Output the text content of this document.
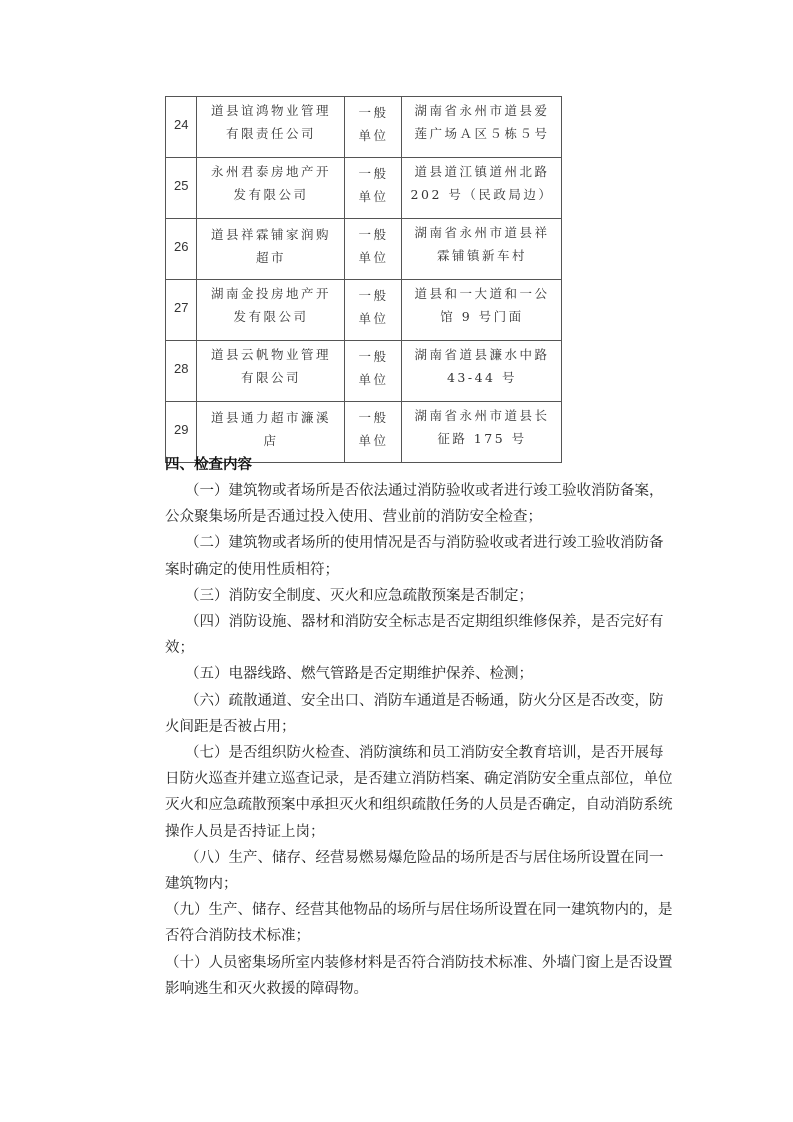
24	道县谊鸿物业管理有限责任公司	一般单位	湖南省永州市道县爱莲广场Ａ区５栋５号
25	永州君泰房地产开发有限公司	一般单位	道县道江镇道州北路 202 号（民政局边）
26	道县祥霖铺家润购超市	一般单位	湖南省永州市道县祥霖铺镇新车村
27	湖南金投房地产开发有限公司	一般单位	道县和一大道和一公馆 9 号门面
28	道县云帆物业管理有限公司	一般单位	湖南省道县濂水中路 43-44 号
29	道县通力超市濂溪店	一般单位	湖南省永州市道县长征路 175 号

四、检查内容

（一）建筑物或者场所是否依法通过消防验收或者进行竣工验收消防备案，公众聚集场所是否通过投入使用、营业前的消防安全检查；

（二）建筑物或者场所的使用情况是否与消防验收或者进行竣工验收消防备案时确定的使用性质相符；

（三）消防安全制度、灭火和应急疏散预案是否制定；

（四）消防设施、器材和消防安全标志是否定期组织维修保养，是否完好有效；

（五）电器线路、燃气管路是否定期维护保养、检测；

（六）疏散通道、安全出口、消防车通道是否畅通，防火分区是否改变，防火间距是否被占用；

（七）是否组织防火检查、消防演练和员工消防安全教育培训，是否开展每日防火巡查并建立巡查记录，是否建立消防档案、确定消防安全重点部位，单位灭火和应急疏散预案中承担灭火和组织疏散任务的人员是否确定，自动消防系统操作人员是否持证上岗；

（八）生产、储存、经营易燃易爆危险品的场所是否与居住场所设置在同一建筑物内；

（九）生产、储存、经营其他物品的场所与居住场所设置在同一建筑物内的，是否符合消防技术标准；

（十）人员密集场所室内装修材料是否符合消防技术标准、外墙门窗上是否设置影响逃生和灭火救援的障碍物。
